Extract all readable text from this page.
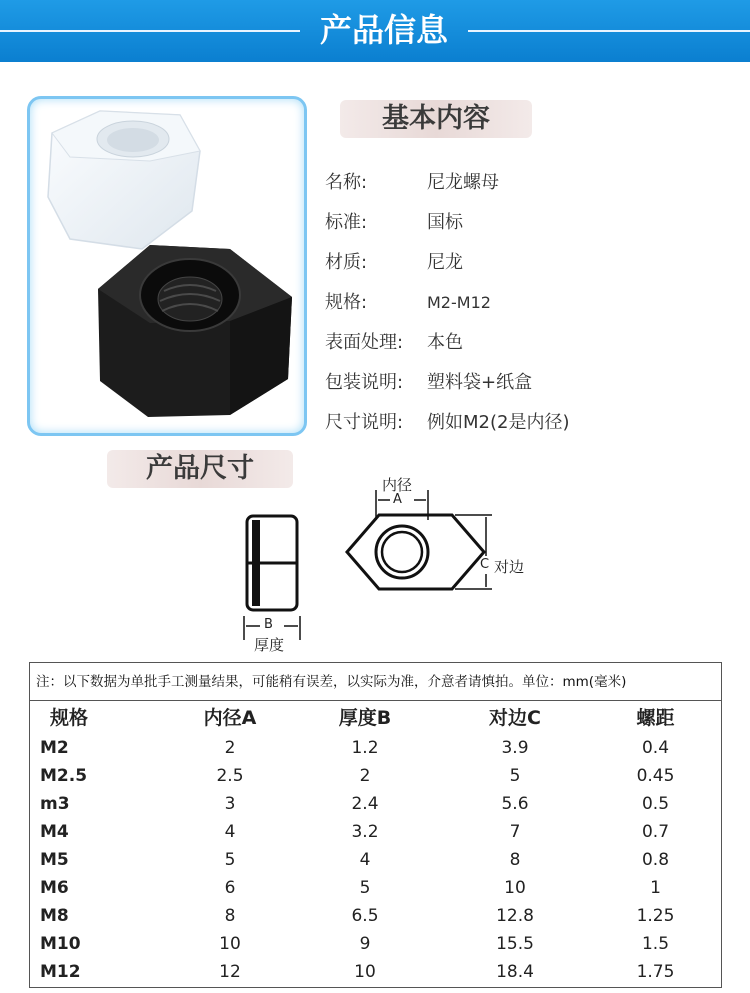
产品信息
基本内容
名称:	尼龙螺母
标准:	国标
材质:	尼龙
规格:	M2-M12
表面处理: 本色
包装说明: 塑料袋+纸盒
尺寸说明: 例如M2(2是内径)
产品尺寸
内径
A
C 对边
B
厚度
注：以下数据为单批手工测量结果，可能稍有误差，以实际为准，介意者请慎拍。单位：mm(毫米)
规格	内径A	厚度B	对边C	螺距
M2	2	1.2	3.9	0.4
M2.5	2.5	2	5	0.45
m3	3	2.4	5.6	0.5
M4	4	3.2	7	0.7
M5	5	4	8	0.8
M6	6	5	10	1
M8	8	6.5	12.8	1.25
M10	10	9	15.5	1.5
M12	12	10	18.4	1.75
